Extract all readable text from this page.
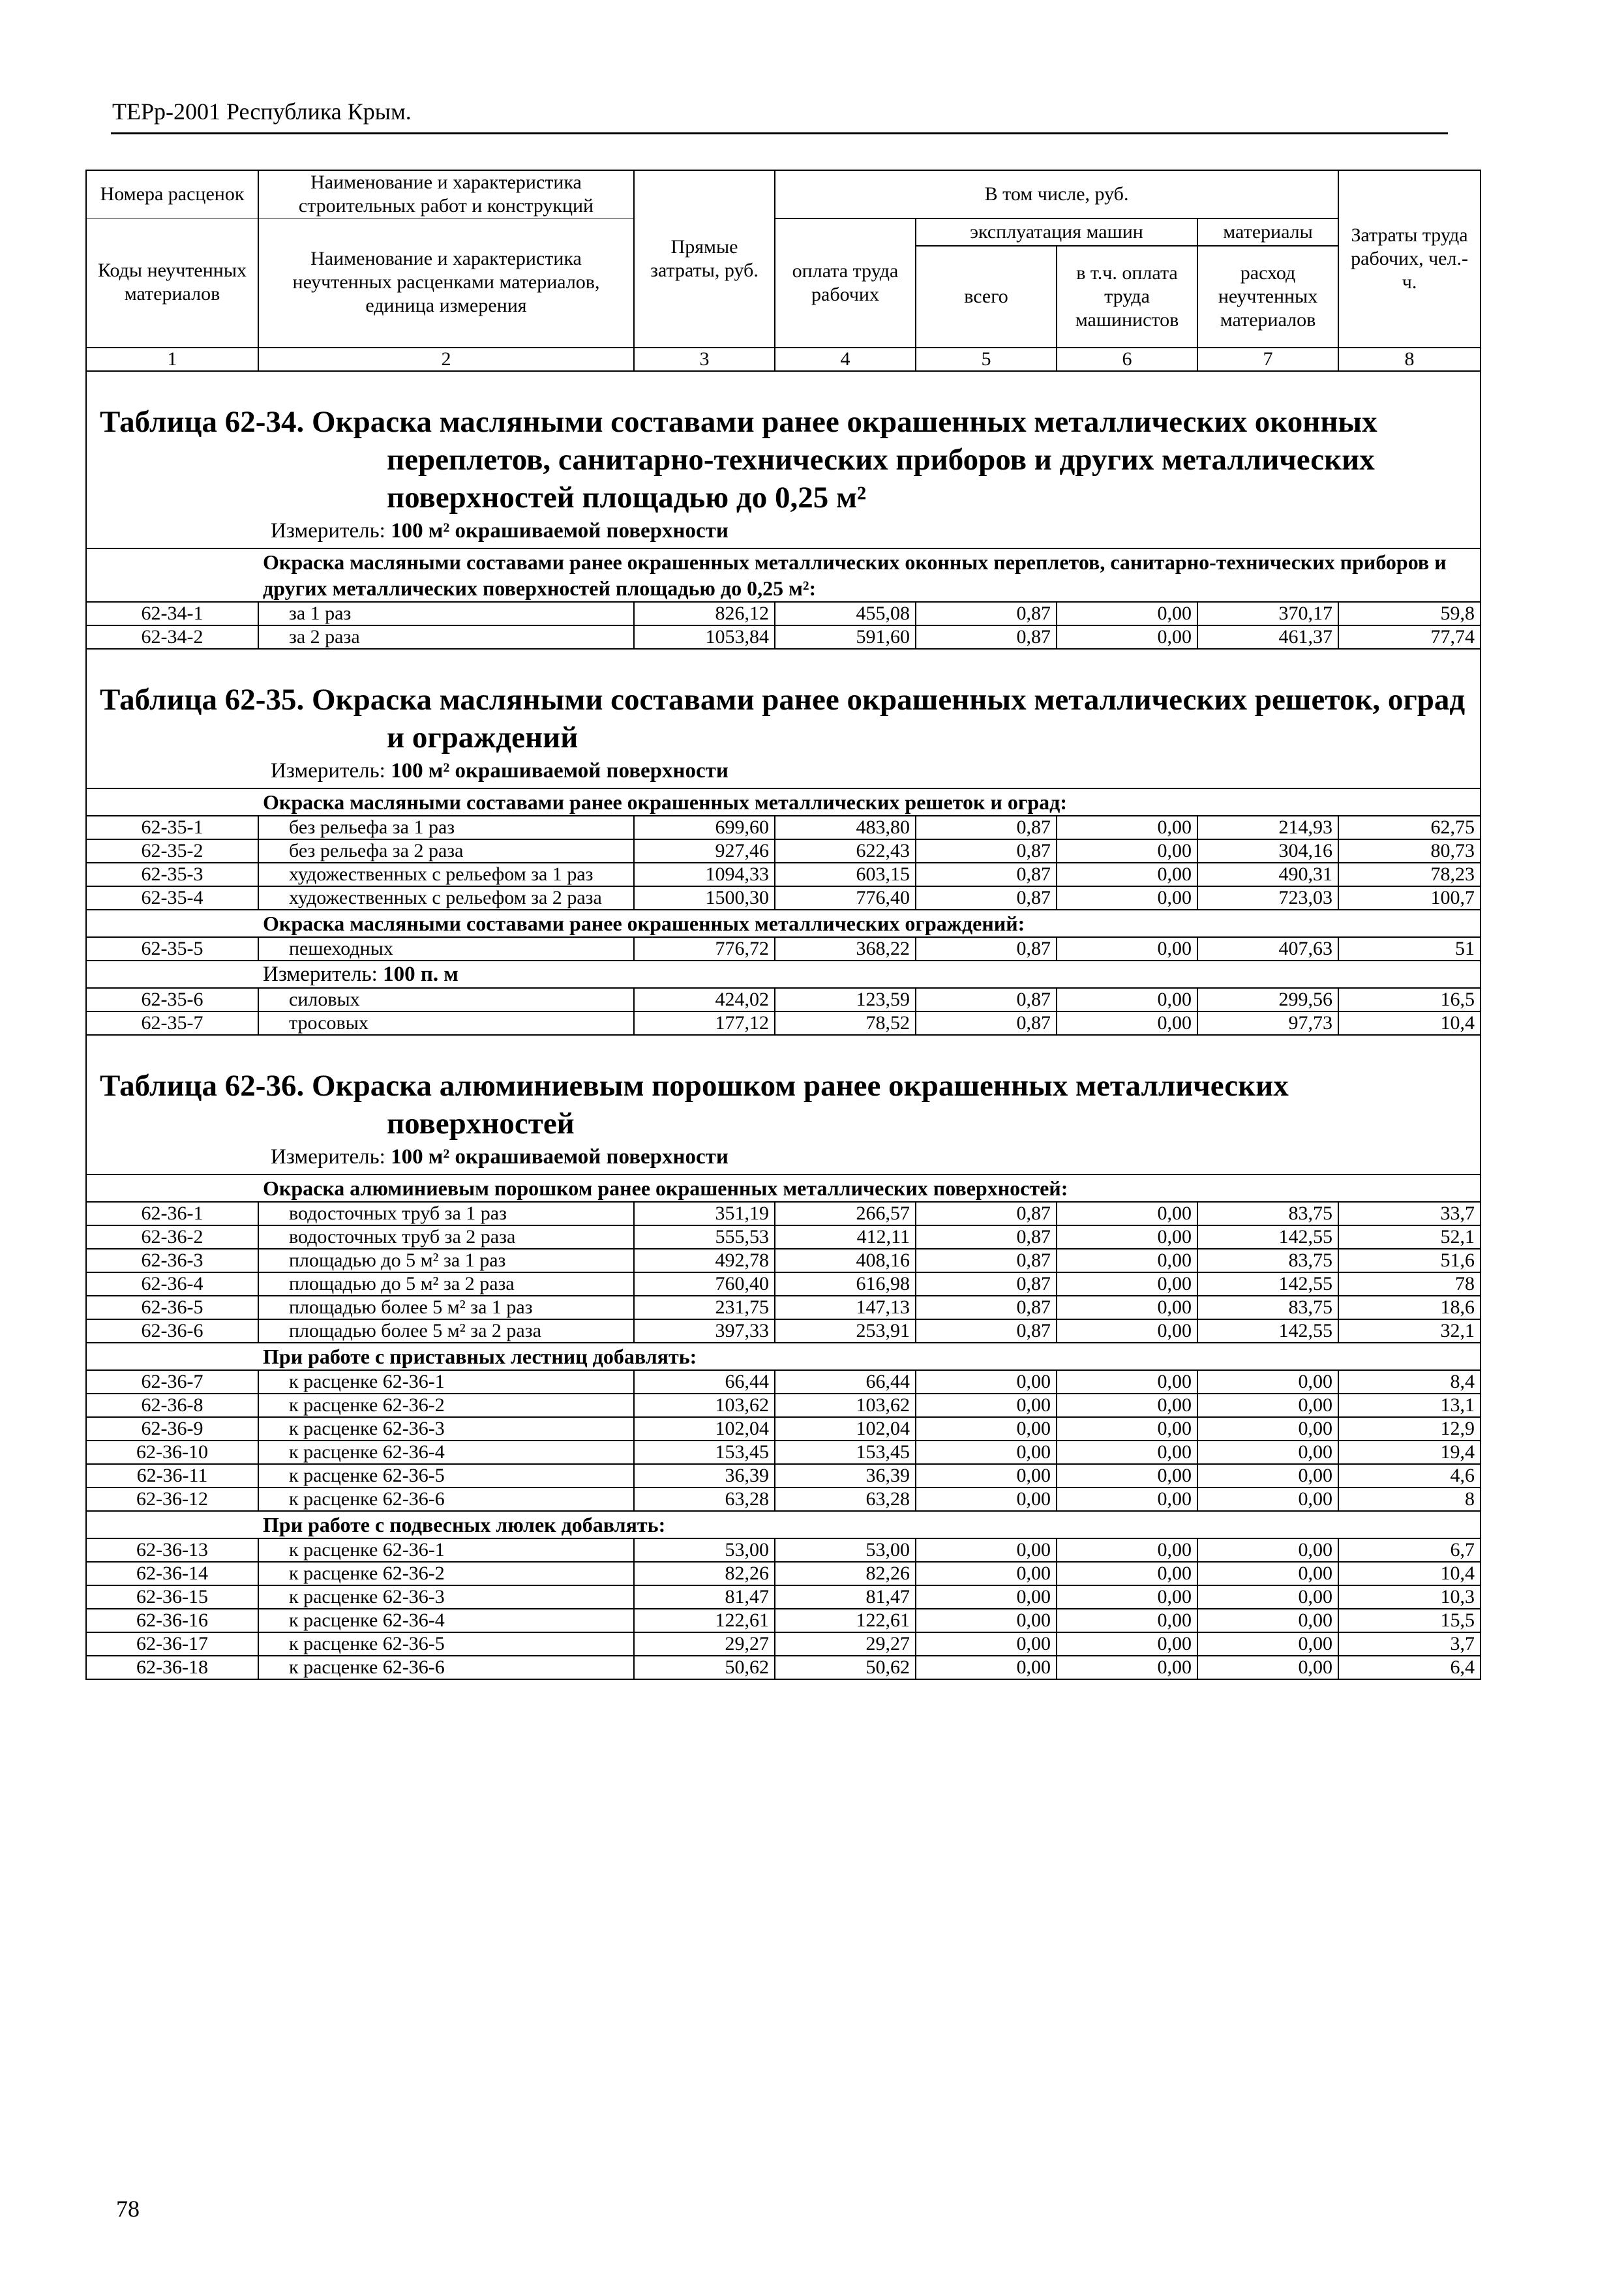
ТЕРр-2001 Республика Крым.
Номера расценок	Наименование и характеристика строительных работ и конструкций	Прямые затраты, руб.	В том числе, руб.				Затраты труда рабочих, чел.-ч.
Коды неучтенных материалов	Наименование и характеристика неучтенных расценками материалов, единица измерения		оплата труда рабочих	эксплуатация машин		материалы	
				всего	в т.ч. оплата труда машинистов	расход неучтенных материалов	
1	2	3	4	5	6	7	8

Таблица 62-34. Окраска масляными составами ранее окрашенных металлических оконных переплетов, санитарно-технических приборов и других металлических поверхностей площадью до 0,25 м²
Измеритель: 100 м² окрашиваемой поверхности							

Окраска масляными составами ранее окрашенных металлических оконных переплетов, санитарно-технических приборов и других металлических поверхностей площадью до 0,25 м²:							
62-34-1	за 1 раз	826,12	455,08	0,87	0,00	370,17	59,8
62-34-2	за 2 раза	1053,84	591,60	0,87	0,00	461,37	77,74

Таблица 62-35. Окраска масляными составами ранее окрашенных металлических решеток, оград и ограждений
Измеритель: 100 м² окрашиваемой поверхности							

Окраска масляными составами ранее окрашенных металлических решеток и оград:							
62-35-1	без рельефа за 1 раз	699,60	483,80	0,87	0,00	214,93	62,75
62-35-2	без рельефа за 2 раза	927,46	622,43	0,87	0,00	304,16	80,73
62-35-3	художественных с рельефом за 1 раз	1094,33	603,15	0,87	0,00	490,31	78,23
62-35-4	художественных с рельефом за 2 раза	1500,30	776,40	0,87	0,00	723,03	100,7
Окраска масляными составами ранее окрашенных металлических ограждений:							
62-35-5	пешеходных	776,72	368,22	0,87	0,00	407,63	51
Измеритель: 100 п. м							
62-35-6	силовых	424,02	123,59	0,87	0,00	299,56	16,5
62-35-7	тросовых	177,12	78,52	0,87	0,00	97,73	10,4

Таблица 62-36. Окраска алюминиевым порошком ранее окрашенных металлических поверхностей
Измеритель: 100 м² окрашиваемой поверхности							

Окраска алюминиевым порошком ранее окрашенных металлических поверхностей:							
62-36-1	водосточных труб за 1 раз	351,19	266,57	0,87	0,00	83,75	33,7
62-36-2	водосточных труб за 2 раза	555,53	412,11	0,87	0,00	142,55	52,1
62-36-3	площадью до 5 м² за 1 раз	492,78	408,16	0,87	0,00	83,75	51,6
62-36-4	площадью до 5 м² за 2 раза	760,40	616,98	0,87	0,00	142,55	78
62-36-5	площадью более 5 м² за 1 раз	231,75	147,13	0,87	0,00	83,75	18,6
62-36-6	площадью более 5 м² за 2 раза	397,33	253,91	0,87	0,00	142,55	32,1
При работе с приставных лестниц добавлять:							
62-36-7	к расценке 62-36-1	66,44	66,44	0,00	0,00	0,00	8,4
62-36-8	к расценке 62-36-2	103,62	103,62	0,00	0,00	0,00	13,1
62-36-9	к расценке 62-36-3	102,04	102,04	0,00	0,00	0,00	12,9
62-36-10	к расценке 62-36-4	153,45	153,45	0,00	0,00	0,00	19,4
62-36-11	к расценке 62-36-5	36,39	36,39	0,00	0,00	0,00	4,6
62-36-12	к расценке 62-36-6	63,28	63,28	0,00	0,00	0,00	8
При работе с подвесных люлек добавлять:							
62-36-13	к расценке 62-36-1	53,00	53,00	0,00	0,00	0,00	6,7
62-36-14	к расценке 62-36-2	82,26	82,26	0,00	0,00	0,00	10,4
62-36-15	к расценке 62-36-3	81,47	81,47	0,00	0,00	0,00	10,3
62-36-16	к расценке 62-36-4	122,61	122,61	0,00	0,00	0,00	15,5
62-36-17	к расценке 62-36-5	29,27	29,27	0,00	0,00	0,00	3,7
62-36-18	к расценке 62-36-6	50,62	50,62	0,00	0,00	0,00	6,4
78
